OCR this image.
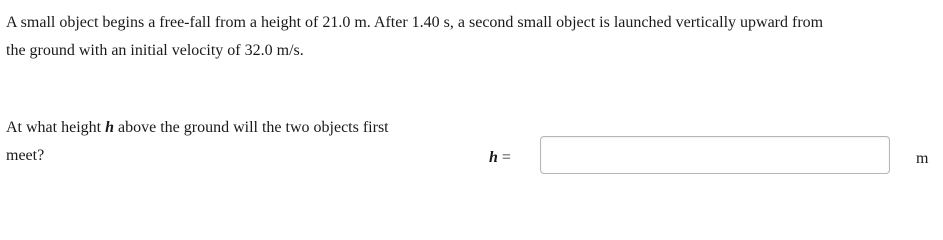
A small object begins a free-fall from a height of 21.0 m. After 1.40 s, a second small object is launched vertically upward from
the ground with an initial velocity of 32.0 m/s.
At what height h above the ground will the two objects first
meet?	h =	m
